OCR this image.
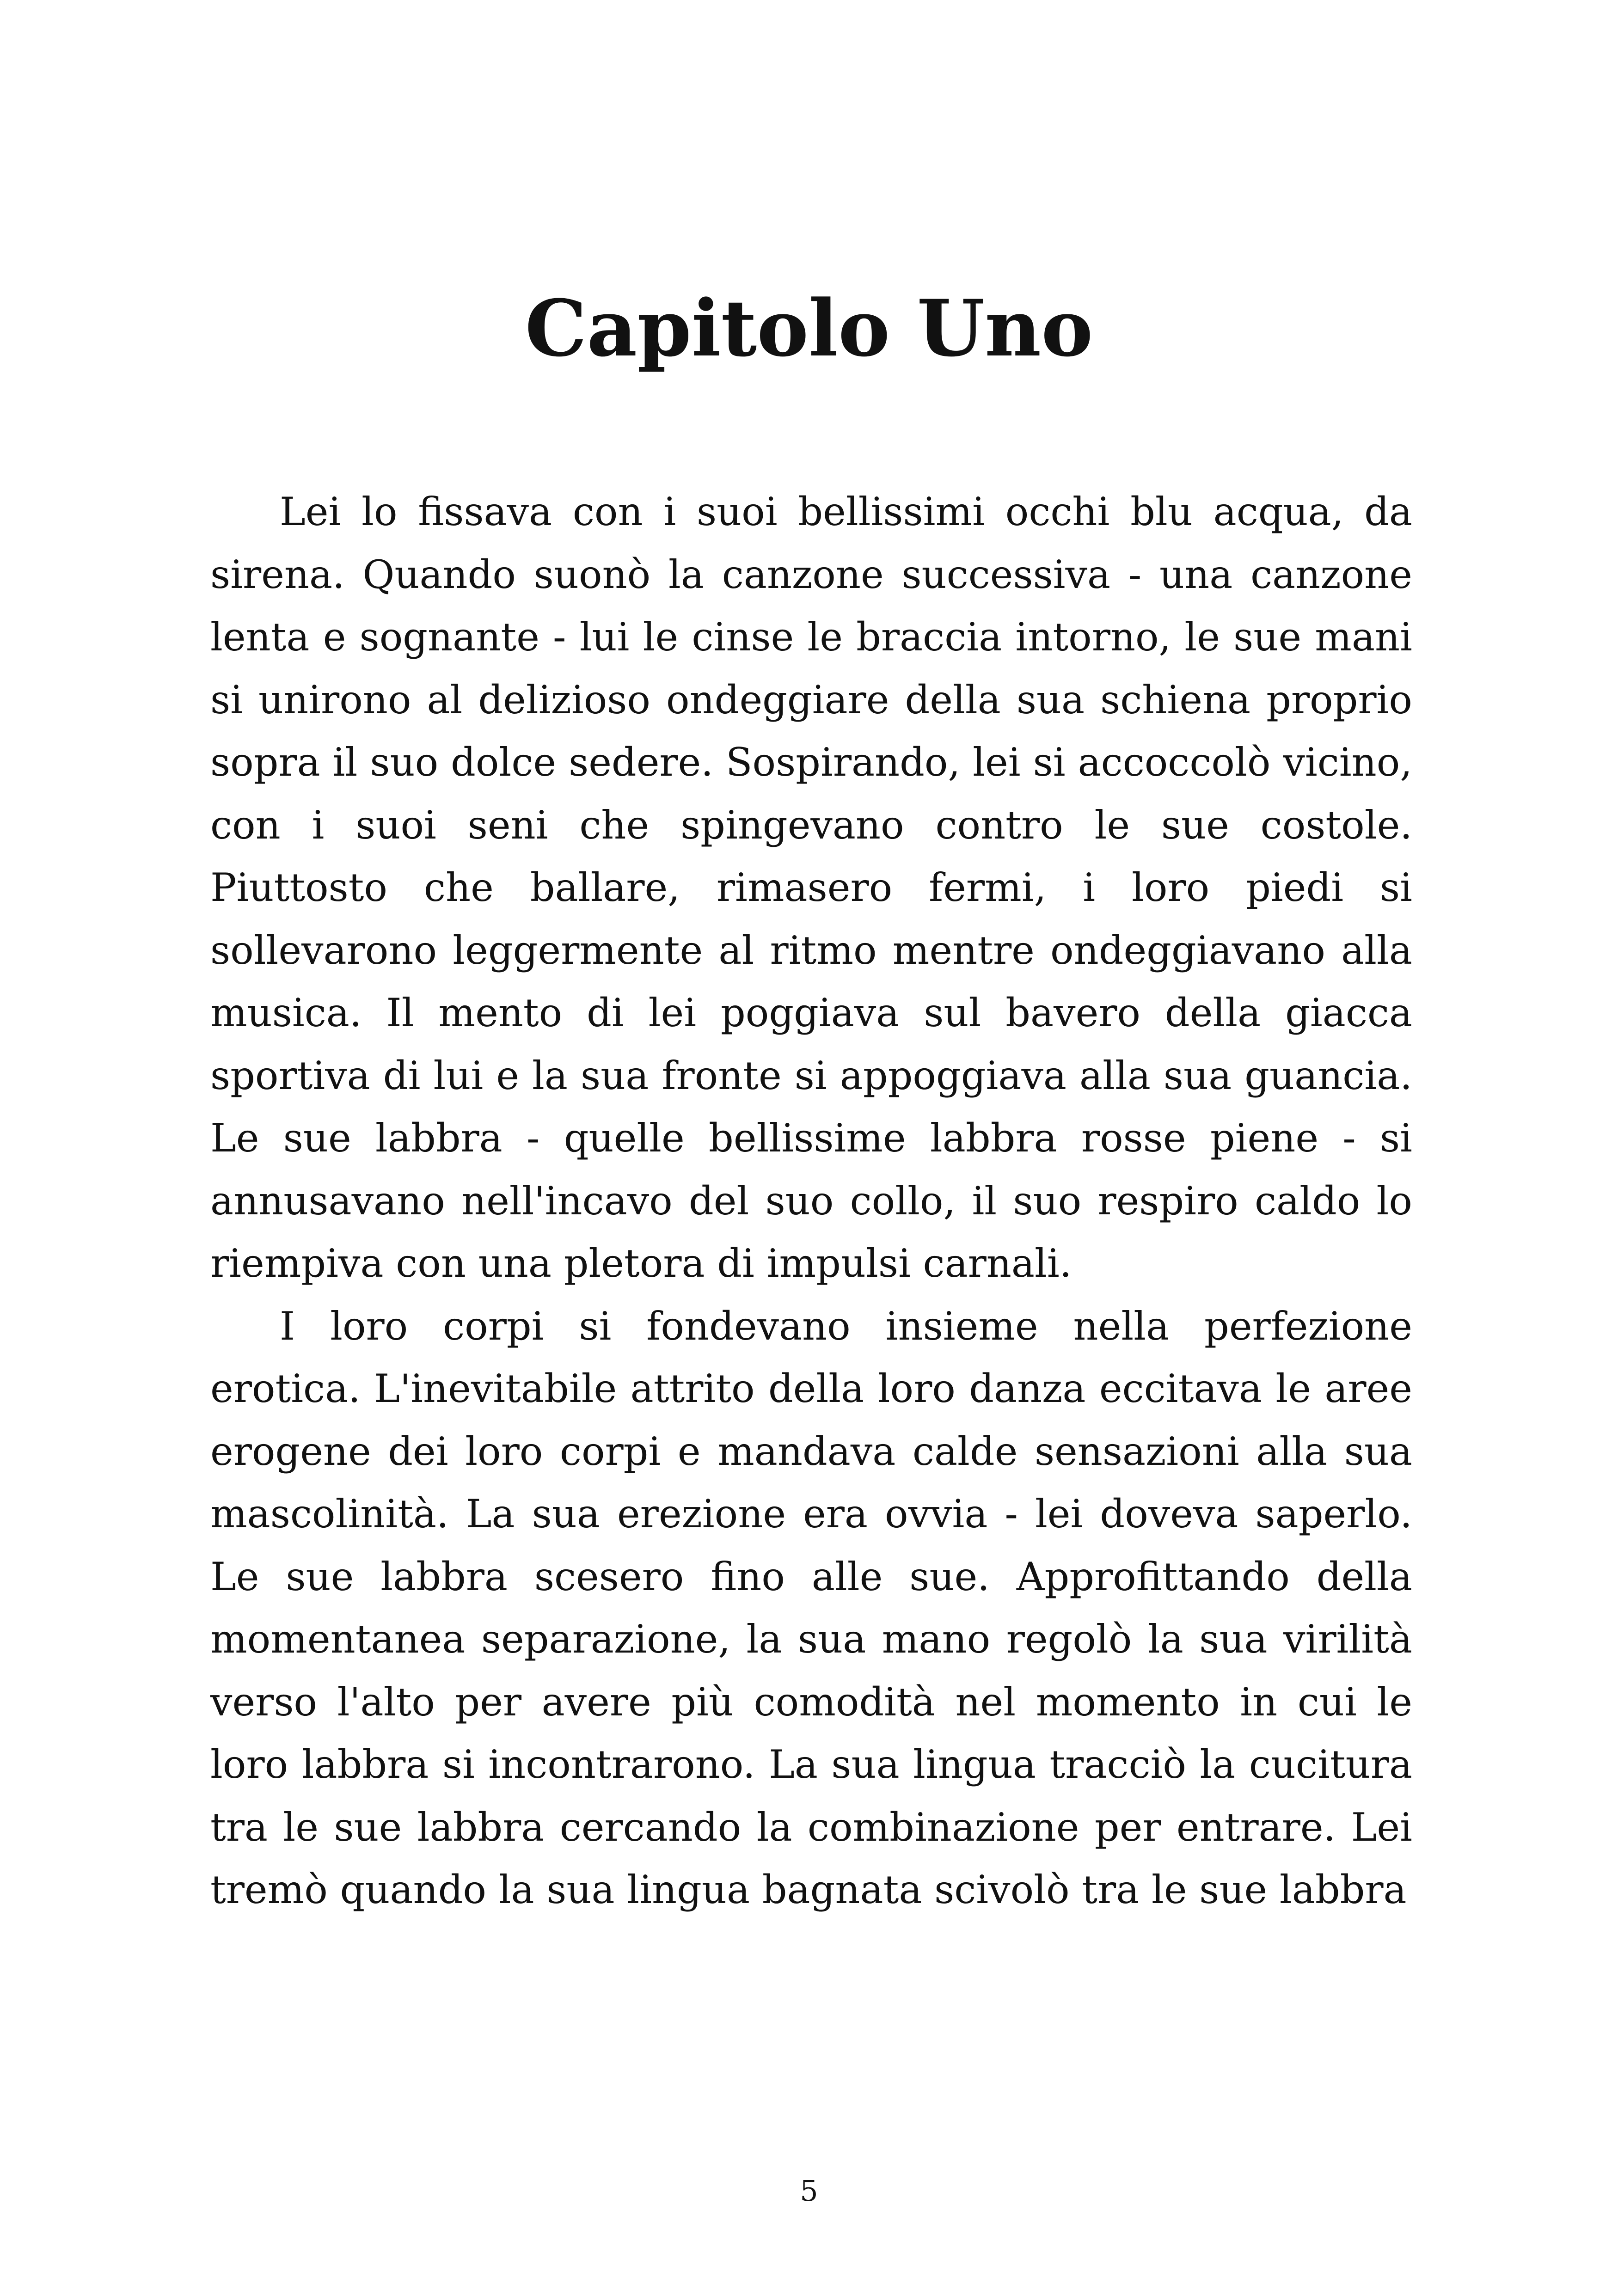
Capitolo Uno

Lei lo fissava con i suoi bellissimi occhi blu acqua, da sirena. Quando suonò la canzone successiva - una canzone lenta e sognante - lui le cinse le braccia intorno, le sue mani si unirono al delizioso ondeggiare della sua schiena proprio sopra il suo dolce sedere. Sospirando, lei si accoccolò vicino, con i suoi seni che spingevano contro le sue costole. Piuttosto che ballare, rimasero fermi, i loro piedi si sollevarono leggermente al ritmo mentre ondeggiavano alla musica. Il mento di lei poggiava sul bavero della giacca sportiva di lui e la sua fronte si appoggiava alla sua guancia. Le sue labbra - quelle bellissime labbra rosse piene - si annusavano nell'incavo del suo collo, il suo respiro caldo lo riempiva con una pletora di impulsi carnali.

I loro corpi si fondevano insieme nella perfezione erotica. L'inevitabile attrito della loro danza eccitava le aree erogene dei loro corpi e mandava calde sensazioni alla sua mascolinità. La sua erezione era ovvia - lei doveva saperlo. Le sue labbra scesero fino alle sue. Approfittando della momentanea separazione, la sua mano regolò la sua virilità verso l'alto per avere più comodità nel momento in cui le loro labbra si incontrarono. La sua lingua tracciò la cucitura tra le sue labbra cercando la combinazione per entrare. Lei tremò quando la sua lingua bagnata scivolò tra le sue labbra

5
